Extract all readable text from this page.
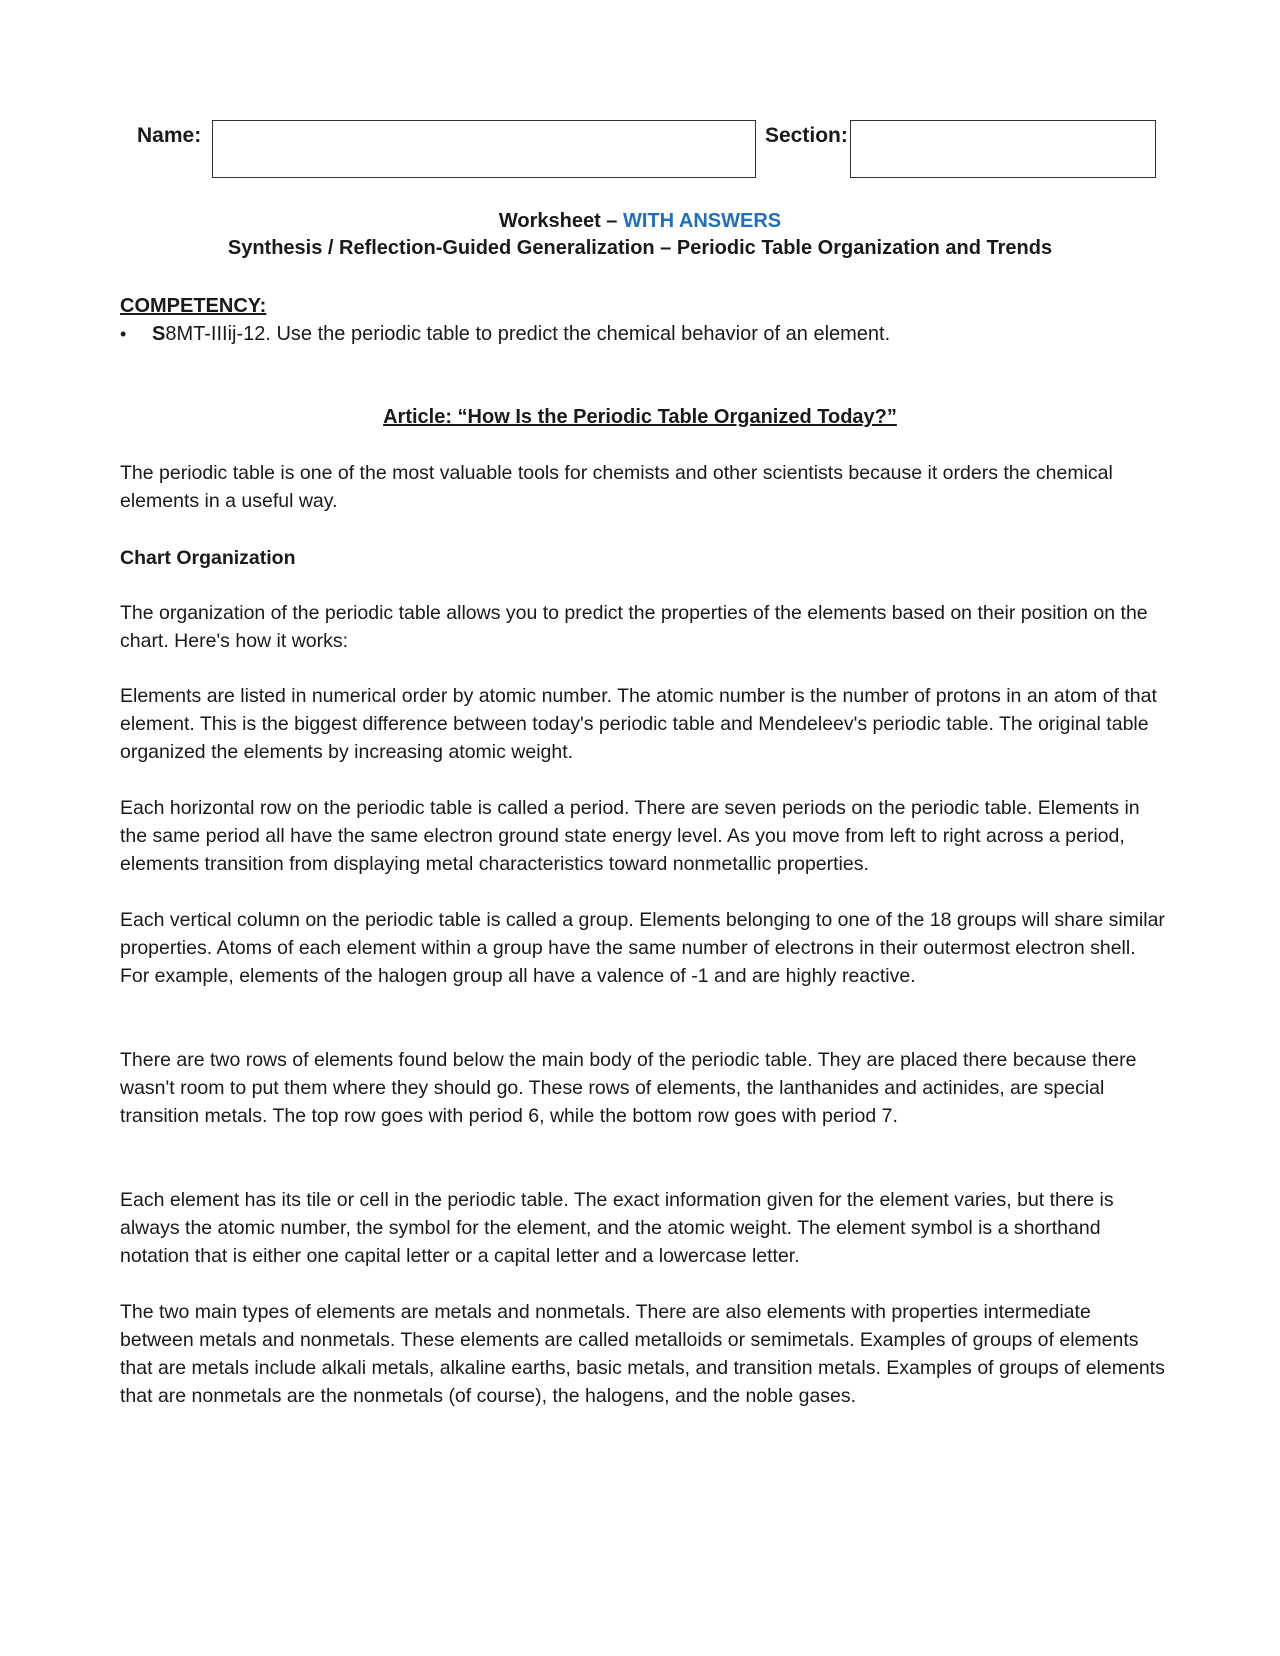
Name:	Section:
Worksheet – WITH ANSWERS
Synthesis / Reflection-Guided Generalization – Periodic Table Organization and Trends
COMPETENCY:
•	S8MT-IIIij-12. Use the periodic table to predict the chemical behavior of an element.
Article: “How Is the Periodic Table Organized Today?”

The periodic table is one of the most valuable tools for chemists and other scientists because it orders the chemical elements in a useful way.

Chart Organization

The organization of the periodic table allows you to predict the properties of the elements based on their position on the chart. Here's how it works:

Elements are listed in numerical order by atomic number. The atomic number is the number of protons in an atom of that element. This is the biggest difference between today's periodic table and Mendeleev's periodic table. The original table organized the elements by increasing atomic weight.

Each horizontal row on the periodic table is called a period. There are seven periods on the periodic table. Elements in the same period all have the same electron ground state energy level. As you move from left to right across a period, elements transition from displaying metal characteristics toward nonmetallic properties.

Each vertical column on the periodic table is called a group. Elements belonging to one of the 18 groups will share similar properties. Atoms of each element within a group have the same number of electrons in their outermost electron shell. For example, elements of the halogen group all have a valence of -1 and are highly reactive.

There are two rows of elements found below the main body of the periodic table. They are placed there because there wasn't room to put them where they should go. These rows of elements, the lanthanides and actinides, are special transition metals. The top row goes with period 6, while the bottom row goes with period 7.

Each element has its tile or cell in the periodic table. The exact information given for the element varies, but there is always the atomic number, the symbol for the element, and the atomic weight. The element symbol is a shorthand notation that is either one capital letter or a capital letter and a lowercase letter.

The two main types of elements are metals and nonmetals. There are also elements with properties intermediate between metals and nonmetals. These elements are called metalloids or semimetals. Examples of groups of elements that are metals include alkali metals, alkaline earths, basic metals, and transition metals. Examples of groups of elements that are nonmetals are the nonmetals (of course), the halogens, and the noble gases.
